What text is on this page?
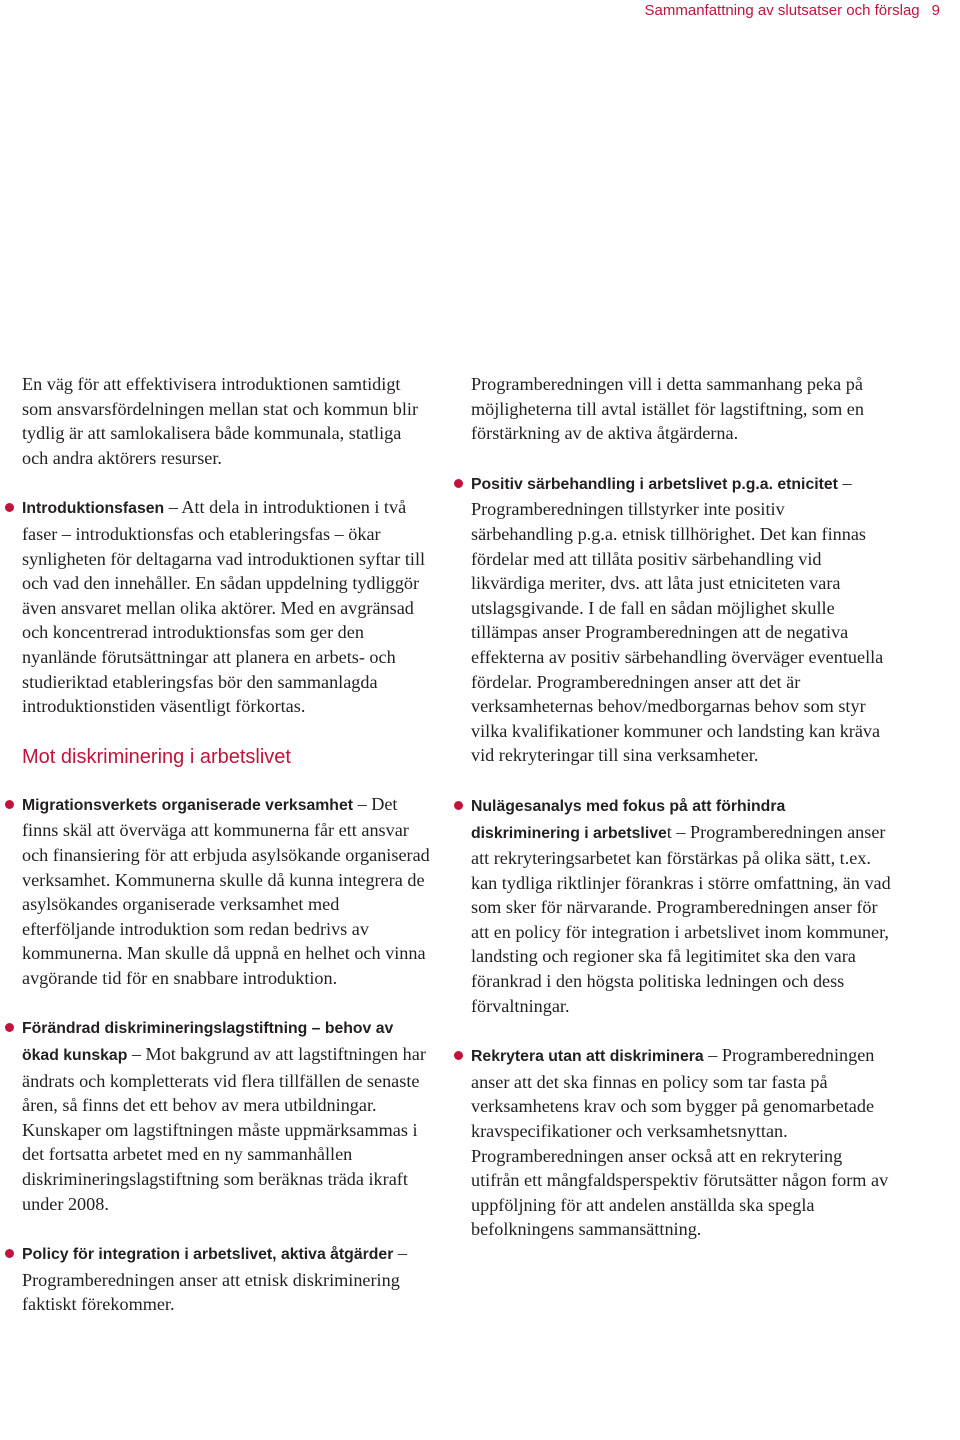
Sammanfattning av slutsatser och förslag 9

En väg för att effektivisera introduktionen samtidigt som ansvarsfördelningen mellan stat och kommun blir tydlig är att samlokalisera både kommunala, statliga och andra aktörers resurser.

Introduktionsfasen – Att dela in introduktionen i två faser – introduktionsfas och etableringsfas – ökar synligheten för deltagarna vad introduktionen syftar till och vad den innehåller. En sådan uppdelning tydliggör även ansvaret mellan olika aktörer. Med en avgränsad och koncentrerad introduktionsfas som ger den nyanlände förutsättningar att planera en arbets- och studieriktad etableringsfas bör den sammanlagda introduktionstiden väsentligt förkortas.

Mot diskriminering i arbetslivet

Migrationsverkets organiserade verksamhet – Det finns skäl att överväga att kommunerna får ett ansvar och finansiering för att erbjuda asylsökande organiserad verksamhet. Kommunerna skulle då kunna integrera de asylsökandes organiserade verksamhet med efterföljande introduktion som redan bedrivs av kommunerna. Man skulle då uppnå en helhet och vinna avgörande tid för en snabbare introduktion.

Förändrad diskrimineringslagstiftning – behov av ökad kunskap – Mot bakgrund av att lagstiftningen har ändrats och kompletterats vid flera tillfällen de senaste åren, så finns det ett behov av mera utbildningar. Kunskaper om lagstiftningen måste uppmärksammas i det fortsatta arbetet med en ny sammanhållen diskrimineringslagstiftning som beräknas träda ikraft under 2008.

Policy för integration i arbetslivet, aktiva åtgärder – Programberedningen anser att etnisk diskriminering faktiskt förekommer.

Programberedningen vill i detta sammanhang peka på möjligheterna till avtal istället för lagstiftning, som en förstärkning av de aktiva åtgärderna.

Positiv särbehandling i arbetslivet p.g.a. etnicitet – Programberedningen tillstyrker inte positiv särbehandling p.g.a. etnisk tillhörighet. Det kan finnas fördelar med att tillåta positiv särbehandling vid likvärdiga meriter, dvs. att låta just etniciteten vara utslagsgivande. I de fall en sådan möjlighet skulle tillämpas anser Programberedningen att de negativa effekterna av positiv särbehandling överväger eventuella fördelar. Programberedningen anser att det är verksamheternas behov/medborgarnas behov som styr vilka kvalifikationer kommuner och landsting kan kräva vid rekryteringar till sina verksamheter.

Nulägesanalys med fokus på att förhindra diskriminering i arbetslivet – Programberedningen anser att rekryteringsarbetet kan förstärkas på olika sätt, t.ex. kan tydliga riktlinjer förankras i större omfattning, än vad som sker för närvarande. Programberedningen anser för att en policy för integration i arbetslivet inom kommuner, landsting och regioner ska få legitimitet ska den vara förankrad i den högsta politiska ledningen och dess förvaltningar.

Rekrytera utan att diskriminera – Programberedningen anser att det ska finnas en policy som tar fasta på verksamhetens krav och som bygger på genomarbetade kravspecifikationer och verksamhetsnyttan. Programberedningen anser också att en rekrytering utifrån ett mångfaldsperspektiv förutsätter någon form av uppföljning för att andelen anställda ska spegla befolkningens sammansättning.
